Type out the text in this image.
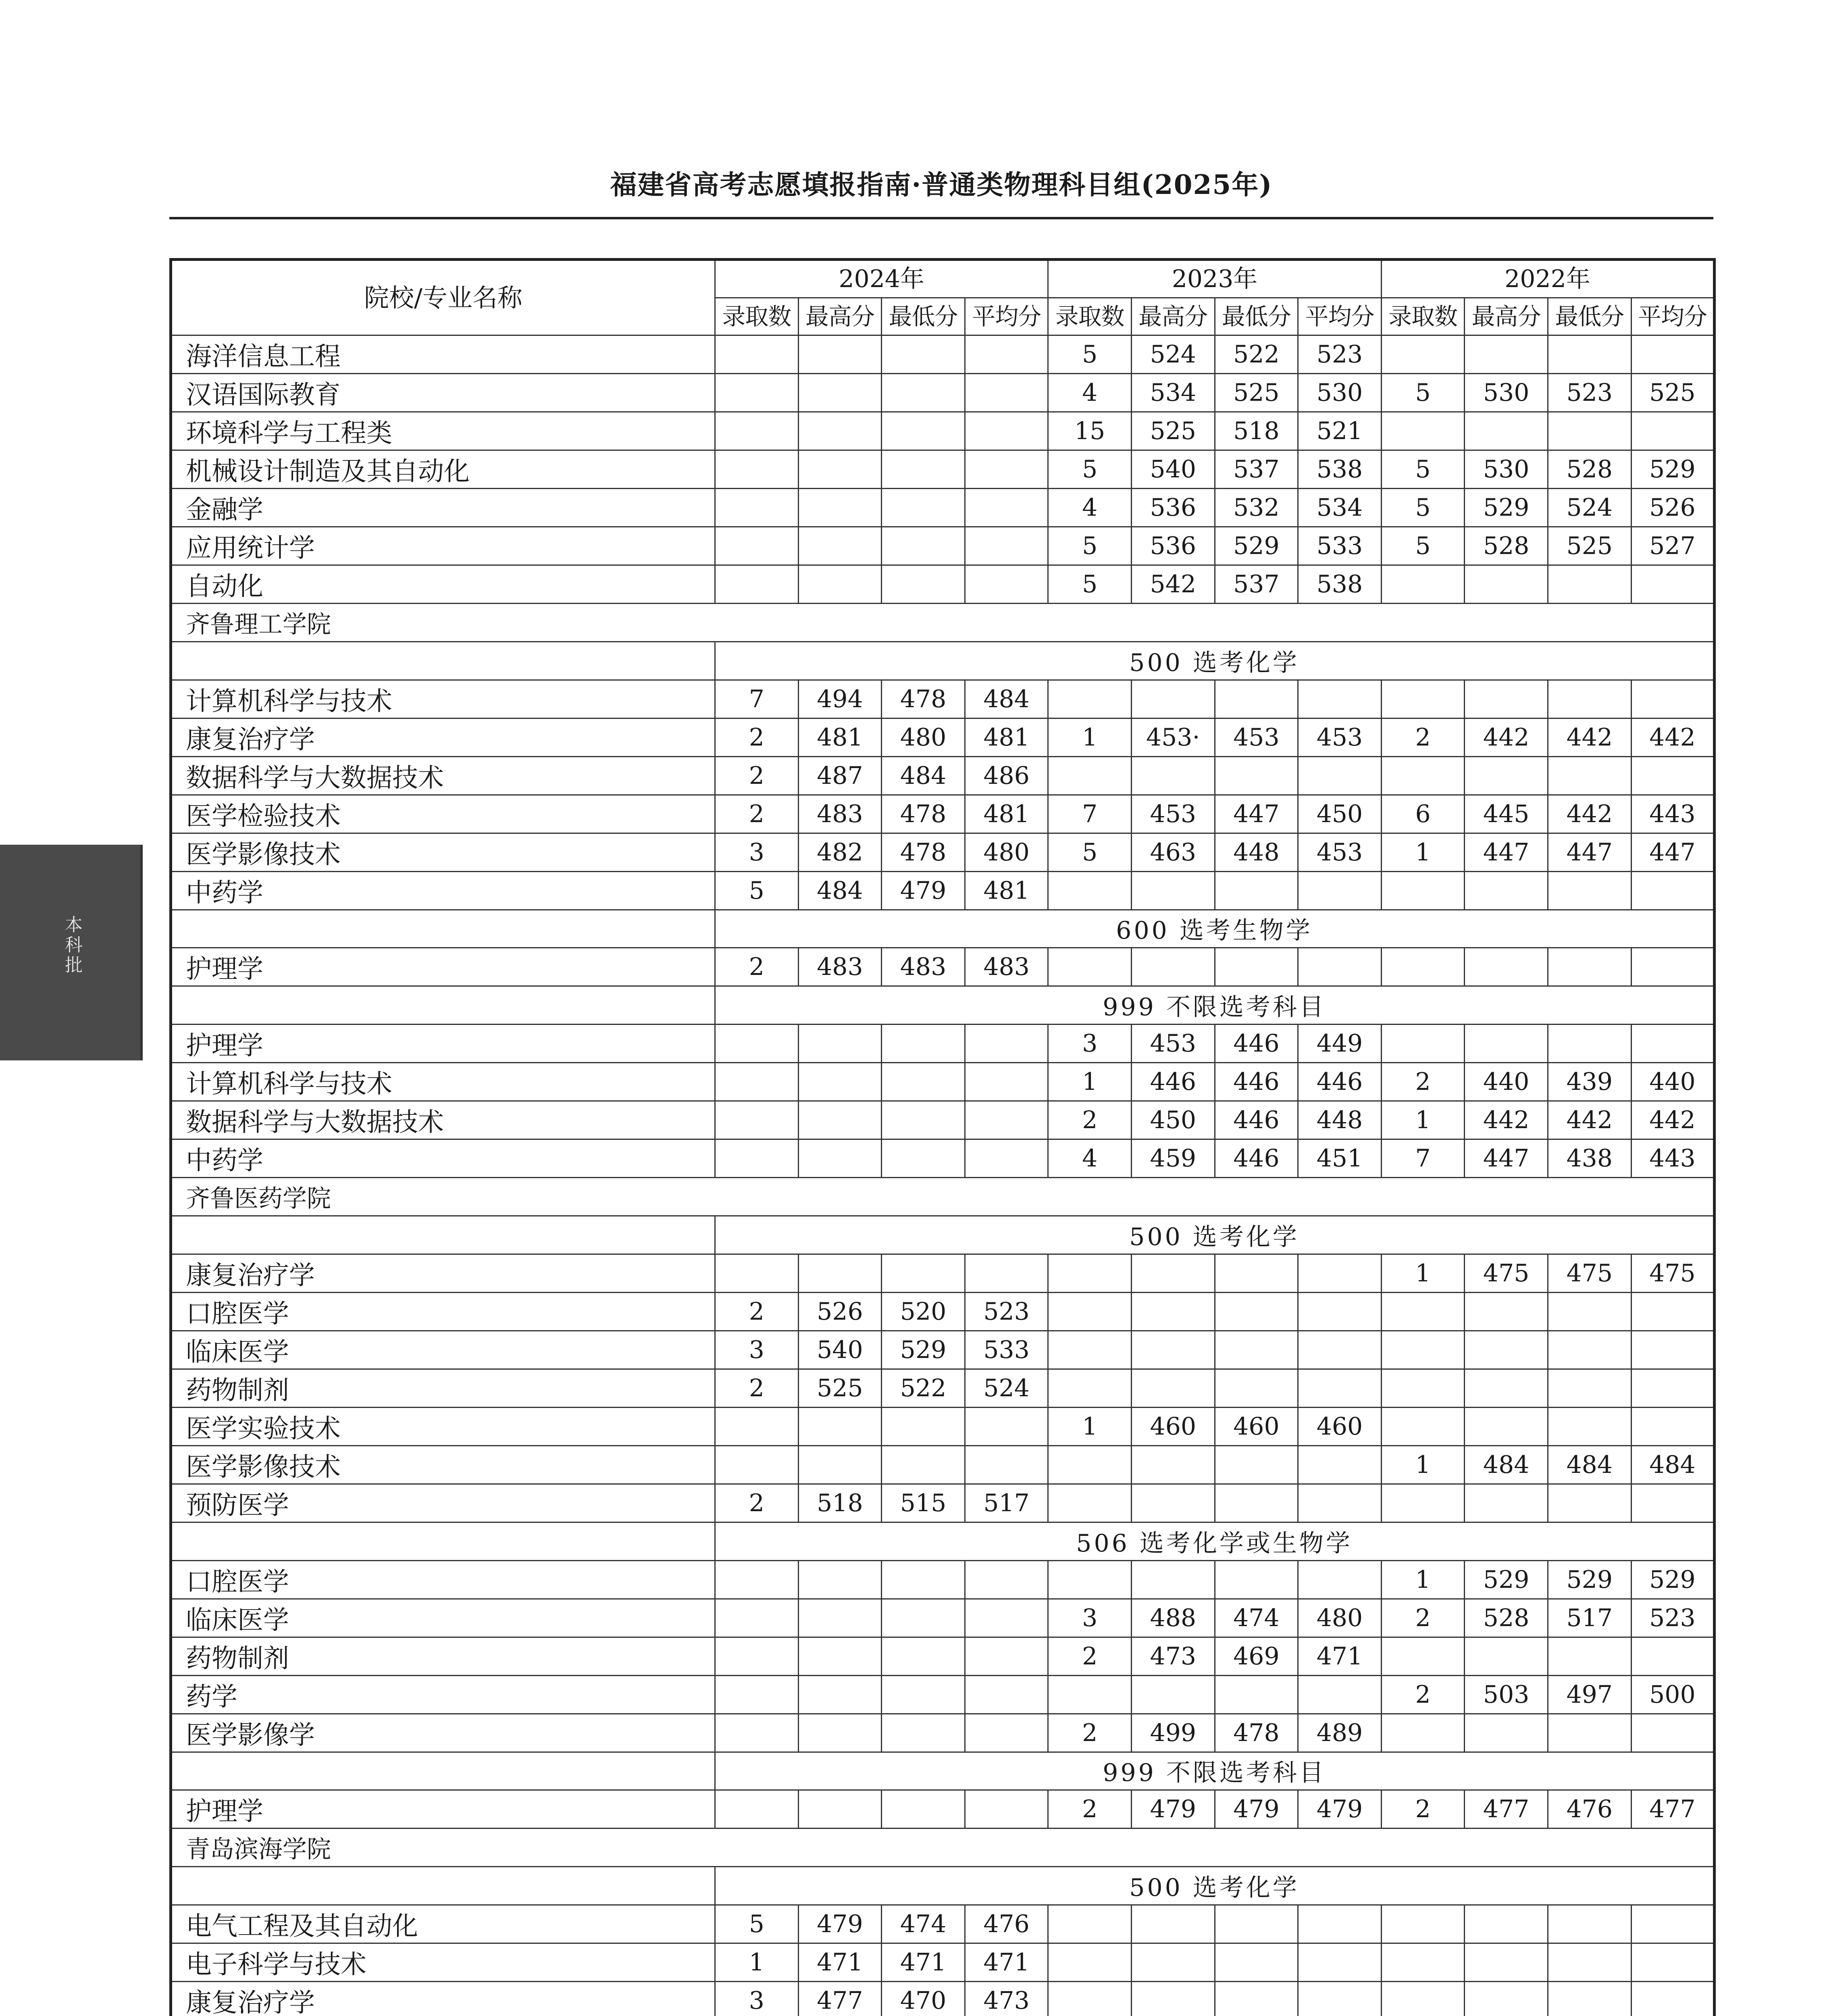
福建省高考志愿填报指南·普通类物理科目组(2025年)
本科批
院校/专业名称	2024年				2023年				2022年			
	录取数	最高分	最低分	平均分	录取数	最高分	最低分	平均分	录取数	最高分	最低分	平均分
海洋信息工程					5	524	522	523				
汉语国际教育					4	534	525	530	5	530	523	525
环境科学与工程类					15	525	518	521				
机械设计制造及其自动化					5	540	537	538	5	530	528	529
金融学					4	536	532	534	5	529	524	526
应用统计学					5	536	529	533	5	528	525	527
自动化					5	542	537	538				
齐鲁理工学院												
	500 选考化学											
计算机科学与技术	7	494	478	484								
康复治疗学	2	481	480	481	1	453·	453	453	2	442	442	442
数据科学与大数据技术	2	487	484	486								
医学检验技术	2	483	478	481	7	453	447	450	6	445	442	443
医学影像技术	3	482	478	480	5	463	448	453	1	447	447	447
中药学	5	484	479	481								
	600 选考生物学											
护理学	2	483	483	483								
	999 不限选考科目											
护理学					3	453	446	449				
计算机科学与技术					1	446	446	446	2	440	439	440
数据科学与大数据技术					2	450	446	448	1	442	442	442
中药学					4	459	446	451	7	447	438	443
齐鲁医药学院												
	500 选考化学											
康复治疗学									1	475	475	475
口腔医学	2	526	520	523								
临床医学	3	540	529	533								
药物制剂	2	525	522	524								
医学实验技术					1	460	460	460				
医学影像技术									1	484	484	484
预防医学	2	518	515	517								
	506 选考化学或生物学											
口腔医学									1	529	529	529
临床医学					3	488	474	480	2	528	517	523
药物制剂					2	473	469	471				
药学									2	503	497	500
医学影像学					2	499	478	489				
	999 不限选考科目											
护理学					2	479	479	479	2	477	476	477
青岛滨海学院												
	500 选考化学											
电气工程及其自动化	5	479	474	476								
电子科学与技术	1	471	471	471								
康复治疗学	3	477	470	473								
